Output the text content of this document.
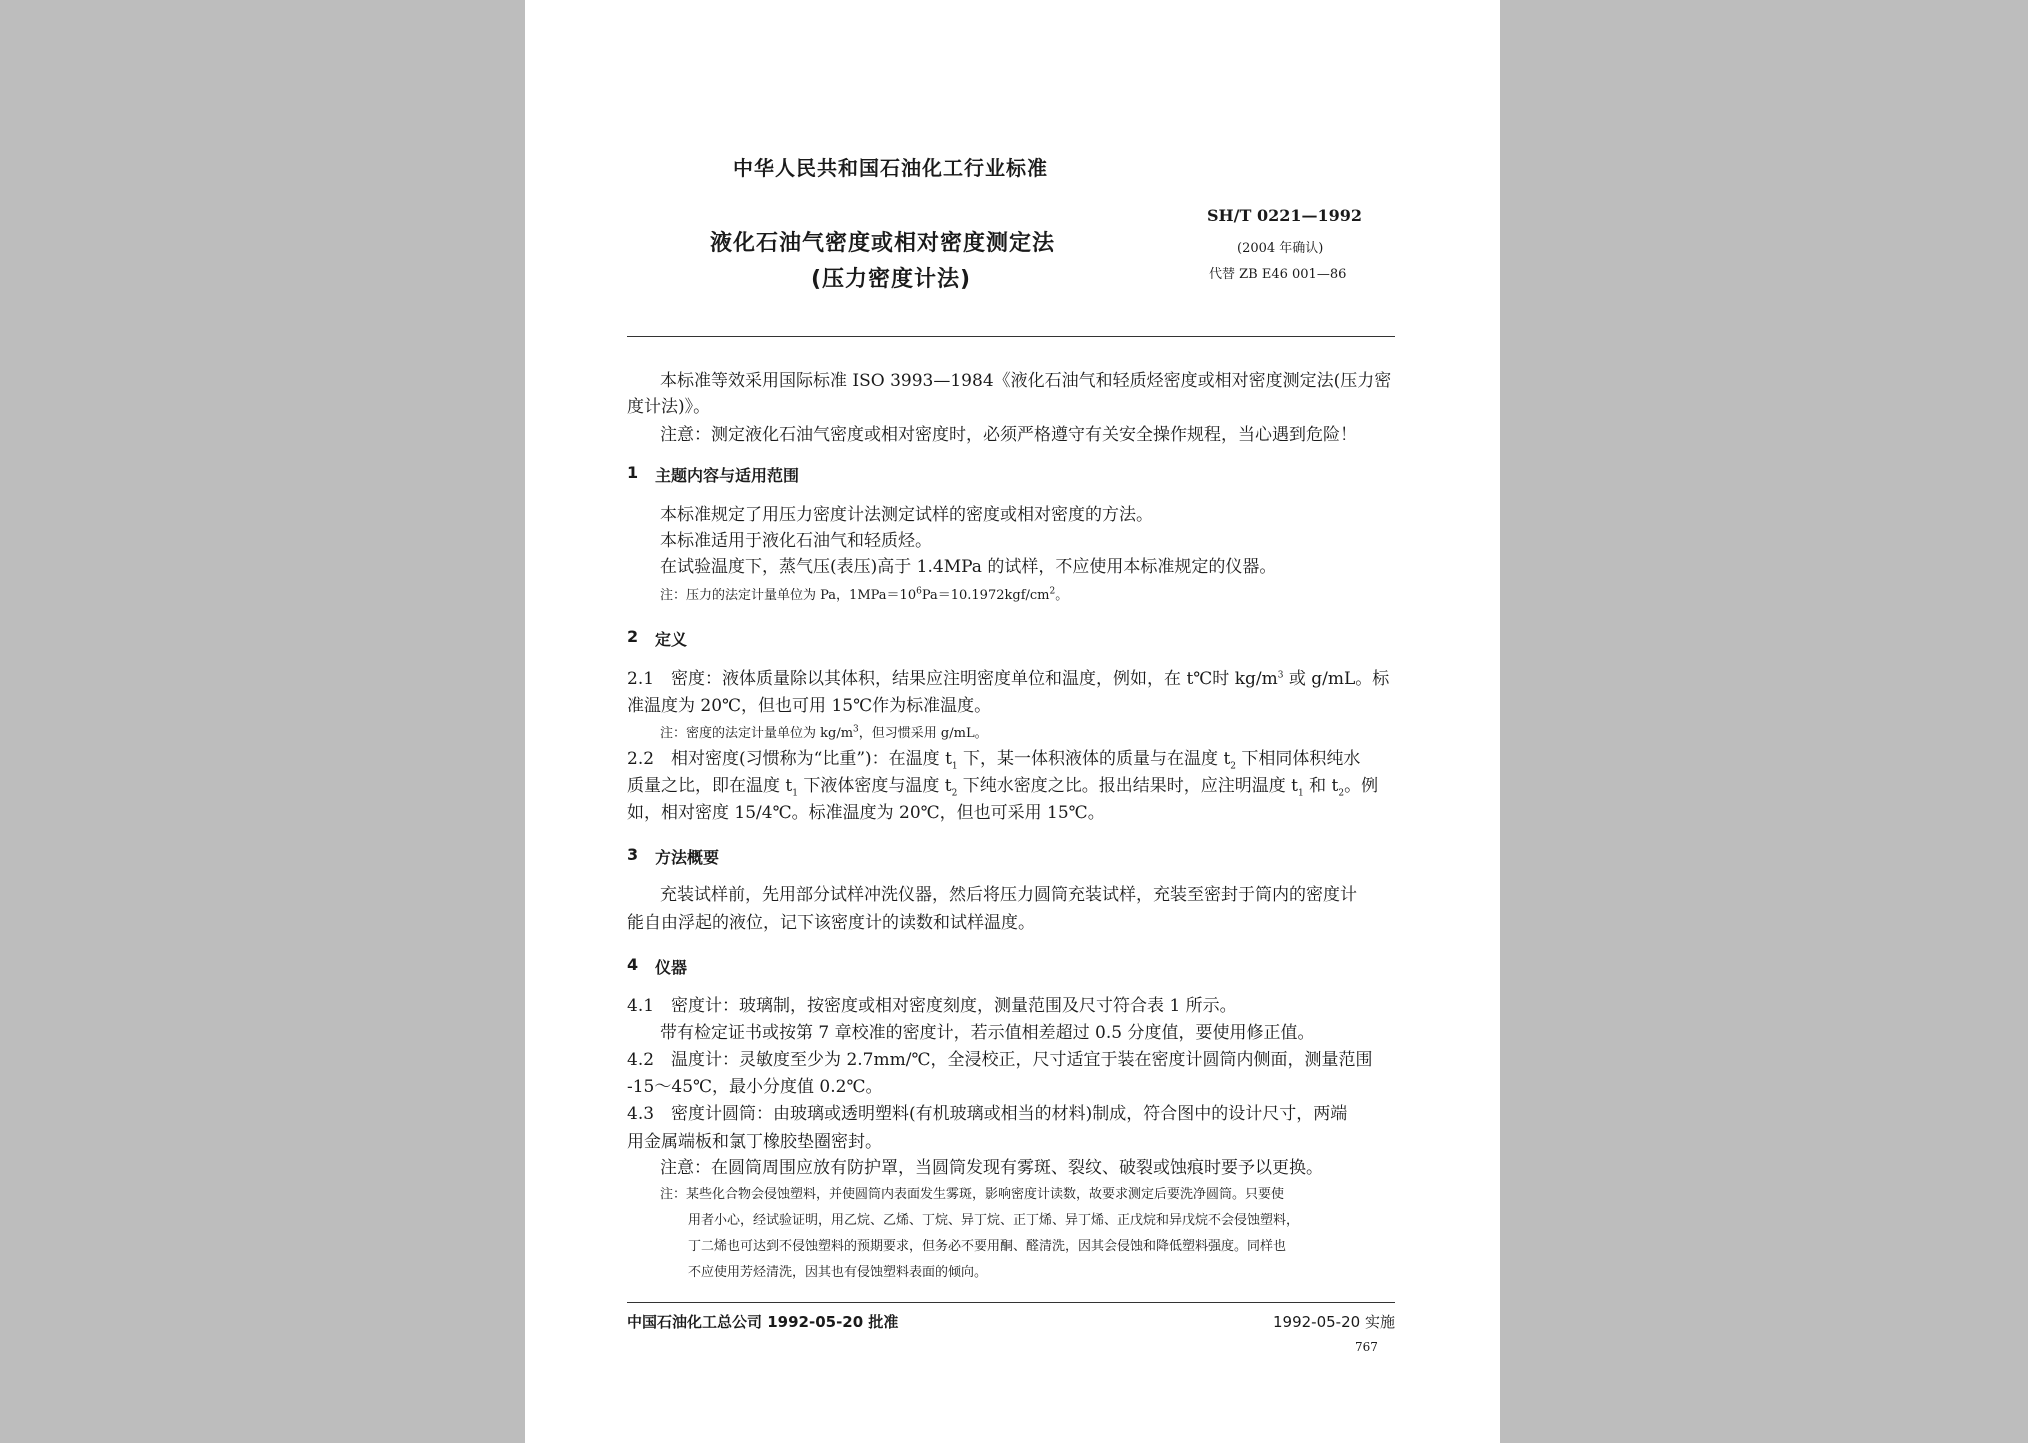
中华人民共和国石油化工行业标准
液化石油气密度或相对密度测定法
(压力密度计法)
SH/T 0221—1992
(2004 年确认)
代替 ZB E46 001—86
本标准等效采用国际标准 ISO 3993—1984《液化石油气和轻质烃密度或相对密度测定法(压力密
度计法)》。
注意：测定液化石油气密度或相对密度时，必须严格遵守有关安全操作规程，当心遇到危险！
1 主题内容与适用范围
本标准规定了用压力密度计法测定试样的密度或相对密度的方法。
本标准适用于液化石油气和轻质烃。
在试验温度下，蒸气压(表压)高于 1.4MPa 的试样，不应使用本标准规定的仪器。
注：压力的法定计量单位为 Pa，$1MPa=10^6Pa=10.1972kgf/cm^2$。
2 定义
2.1　密度：液体质量除以其体积，结果应注明密度单位和温度，例如，在 t℃时 $kg/m^3$ 或 g/mL。标
准温度为 20℃，但也可用 15℃作为标准温度。
注：密度的法定计量单位为 $kg/m^3$，但习惯采用 g/mL。
2.2　相对密度(习惯称为“比重”)：在温度 $t_1$ 下，某一体积液体的质量与在温度 $t_2$ 下相同体积纯水
质量之比，即在温度 $t_1$ 下液体密度与温度 $t_2$ 下纯水密度之比。报出结果时，应注明温度 $t_1$ 和 $t_2$。例
如，相对密度 15/4℃。标准温度为 20℃，但也可采用 15℃。
3 方法概要
充装试样前，先用部分试样冲洗仪器，然后将压力圆筒充装试样，充装至密封于筒内的密度计
能自由浮起的液位，记下该密度计的读数和试样温度。
4 仪器
4.1　密度计：玻璃制，按密度或相对密度刻度，测量范围及尺寸符合表 1 所示。
带有检定证书或按第 7 章校准的密度计，若示值相差超过 0.5 分度值，要使用修正值。
4.2　温度计：灵敏度至少为 2.7mm/℃，全浸校正，尺寸适宜于装在密度计圆筒内侧面，测量范围
-15～45℃，最小分度值 0.2℃。
4.3　密度计圆筒：由玻璃或透明塑料(有机玻璃或相当的材料)制成，符合图中的设计尺寸，两端
用金属端板和氯丁橡胶垫圈密封。
注意：在圆筒周围应放有防护罩，当圆筒发现有雾斑、裂纹、破裂或蚀痕时要予以更换。
注：某些化合物会侵蚀塑料，并使圆筒内表面发生雾斑，影响密度计读数，故要求测定后要洗净圆筒。只要使
用者小心，经试验证明，用乙烷、乙烯、丁烷、异丁烷、正丁烯、异丁烯、正戊烷和异戊烷不会侵蚀塑料，
丁二烯也可达到不侵蚀塑料的预期要求，但务必不要用酮、醛清洗，因其会侵蚀和降低塑料强度。同样也
不应使用芳烃清洗，因其也有侵蚀塑料表面的倾向。
中国石油化工总公司 1992-05-20 批准	1992-05-20 实施
767
